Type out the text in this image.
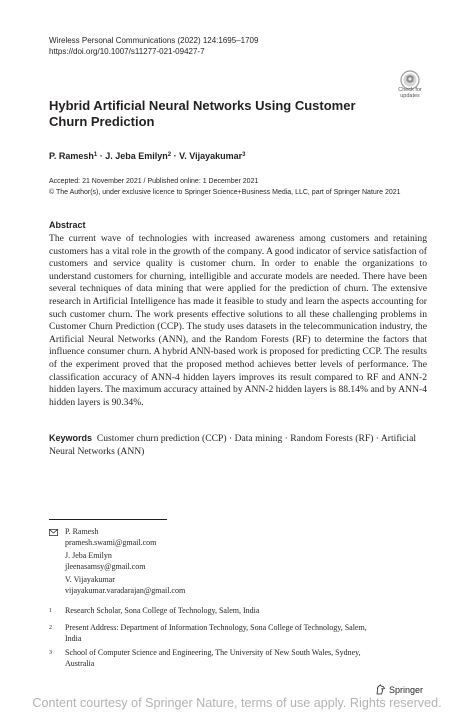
Wireless Personal Communications (2022) 124:1695–1709
https://doi.org/10.1007/s11277-021-09427-7
Check for
updates
Hybrid Artificial Neural Networks Using Customer Churn Prediction
P. Ramesh$^1$ · J. Jeba Emilyn$^2$ · V. Vijayakumar$^3$
Accepted: 21 November 2021 / Published online: 1 December 2021
© The Author(s), under exclusive licence to Springer Science+Business Media, LLC, part of Springer Nature 2021
Abstract
The current wave of technologies with increased awareness among customers and retaining customers has a vital role in the growth of the company. A good indicator of service satisfaction of customers and service quality is customer churn. In order to enable the organizations to understand customers for churning, intelligible and accurate models are needed. There have been several techniques of data mining that were applied for the prediction of churn. The extensive research in Artificial Intelligence has made it feasible to study and learn the aspects accounting for such customer churn. The work presents effective solutions to all these challenging problems in Customer Churn Prediction (CCP). The study uses datasets in the telecommunication industry, the Artificial Neural Networks (ANN), and the Random Forests (RF) to determine the factors that influence consumer churn. A hybrid ANN-based work is proposed for predicting CCP. The results of the experiment proved that the proposed method achieves better levels of performance. The classification accuracy of ANN-4 hidden layers improves its result compared to RF and ANN-2 hidden layers. The maximum accuracy attained by ANN-2 hidden layers is 88.14% and by ANN-4 hidden layers is 90.34%.
Keywords Customer churn prediction (CCP) · Data mining · Random Forests (RF) · Artificial Neural Networks (ANN)
P. Ramesh
pramesh.swami@gmail.com
J. Jeba Emilyn
jleenasamsy@gmail.com
V. Vijayakumar
vijayakumar.varadarajan@gmail.com
1 Research Scholar, Sona College of Technology, Salem, India
2 Present Address: Department of Information Technology, Sona College of Technology, Salem, India
3 School of Computer Science and Engineering, The University of New South Wales, Sydney, Australia
Springer
Content courtesy of Springer Nature, terms of use apply. Rights reserved.
